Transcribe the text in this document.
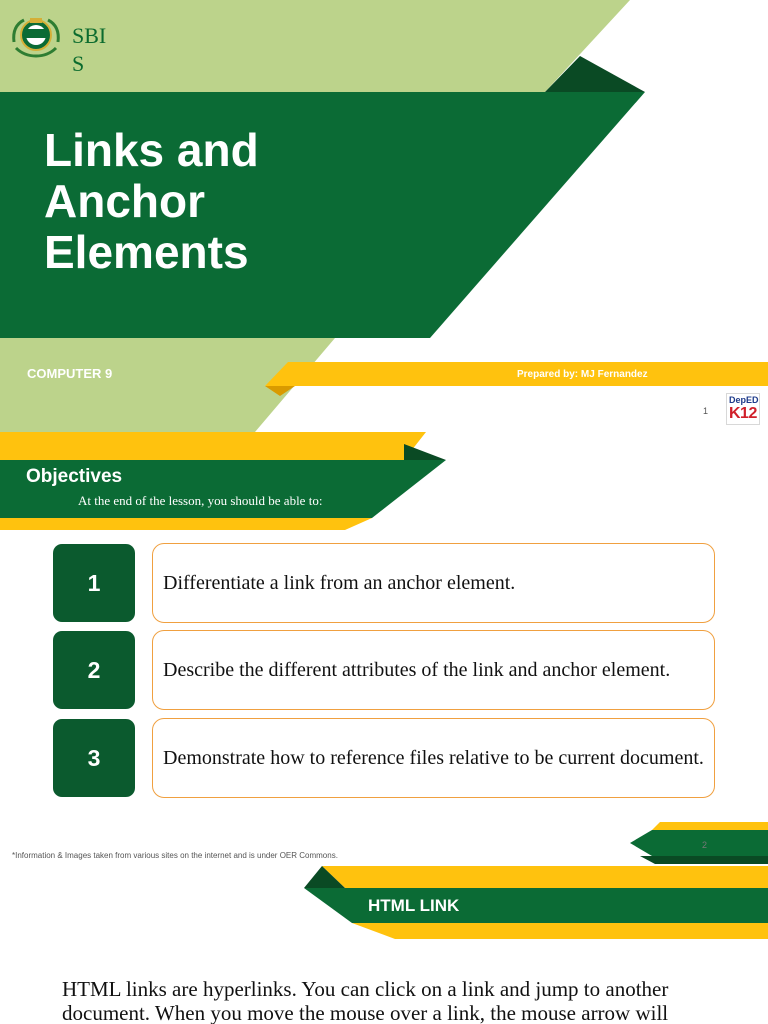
SBIS
Links and Anchor Elements
COMPUTER 9	Prepared by: MJ Fernandez
1
DepED
K12
Objectives
At the end of the lesson, you should be able to:
1	Differentiate a link from an anchor element.
2	Describe the different attributes of the link and anchor element.
3	Demonstrate how to reference files relative to be current document.
*Information & Images taken from various sites on the internet and is under OER Commons.
2
HTML LINK
HTML links are hyperlinks. You can click on a link and jump to another document. When you move the mouse over a link, the mouse arrow will
